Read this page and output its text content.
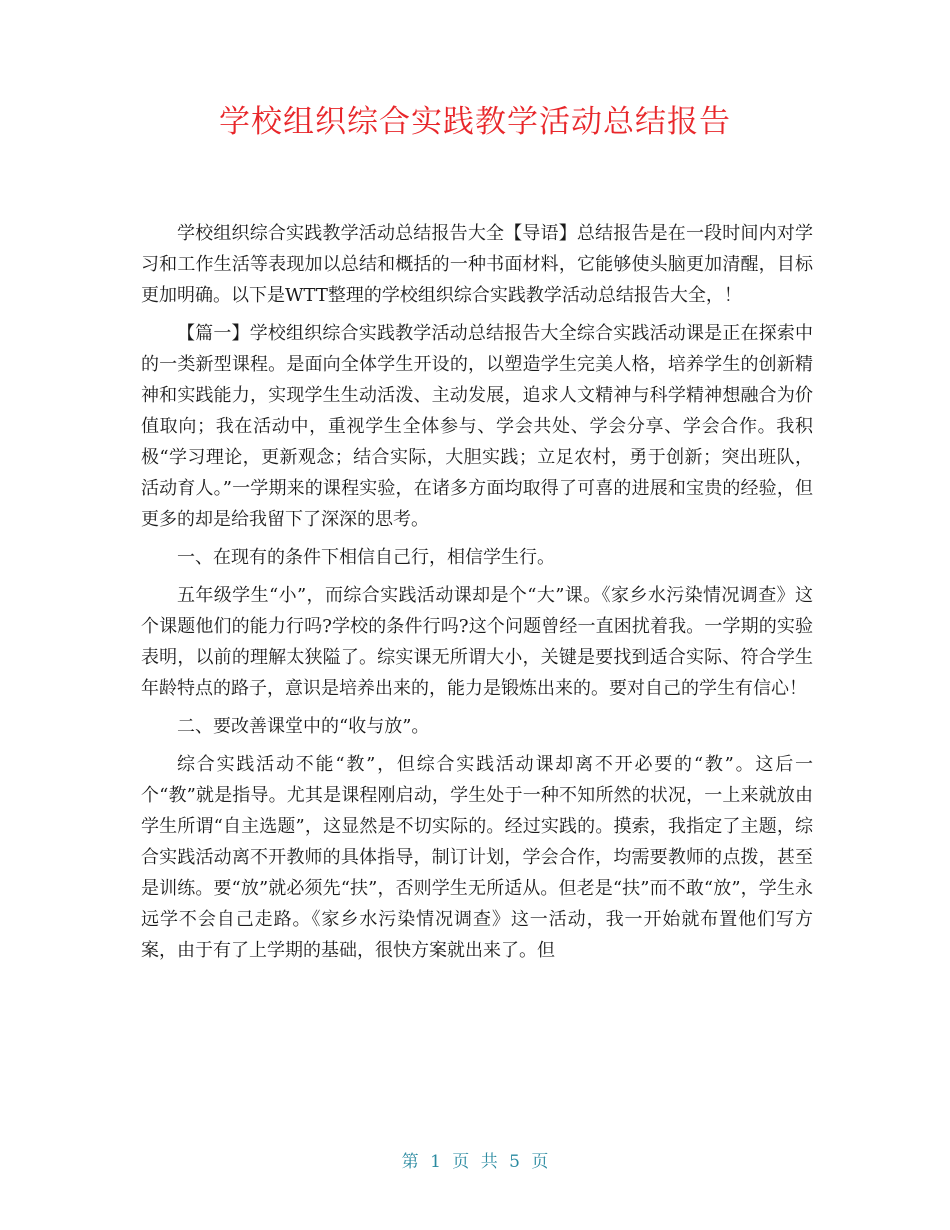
学校组织综合实践教学活动总结报告

学校组织综合实践教学活动总结报告大全【导语】总结报告是在一段时间内对学习和工作生活等表现加以总结和概括的一种书面材料，它能够使头脑更加清醒，目标更加明确。以下是WTT整理的学校组织综合实践教学活动总结报告大全，！

【篇一】学校组织综合实践教学活动总结报告大全综合实践活动课是正在探索中的一类新型课程。是面向全体学生开设的，以塑造学生完美人格，培养学生的创新精神和实践能力，实现学生生动活泼、主动发展，追求人文精神与科学精神想融合为价值取向；我在活动中，重视学生全体参与、学会共处、学会分享、学会合作。我积极“学习理论，更新观念；结合实际，大胆实践；立足农村，勇于创新；突出班队，活动育人。”一学期来的课程实验，在诸多方面均取得了可喜的进展和宝贵的经验，但更多的却是给我留下了深深的思考。

一、在现有的条件下相信自己行，相信学生行。

五年级学生“小”，而综合实践活动课却是个“大”课。《家乡水污染情况调查》这个课题他们的能力行吗?学校的条件行吗?这个问题曾经一直困扰着我。一学期的实验表明，以前的理解太狭隘了。综实课无所谓大小，关键是要找到适合实际、符合学生年龄特点的路子，意识是培养出来的，能力是锻炼出来的。要对自己的学生有信心！

二、要改善课堂中的“收与放”。

综合实践活动不能“教”，但综合实践活动课却离不开必要的“教”。这后一个“教”就是指导。尤其是课程刚启动，学生处于一种不知所然的状况，一上来就放由学生所谓“自主选题”，这显然是不切实际的。经过实践的。摸索，我指定了主题，综合实践活动离不开教师的具体指导，制订计划，学会合作，均需要教师的点拨，甚至是训练。要“放”就必须先“扶”，否则学生无所适从。但老是“扶”而不敢“放”，学生永远学不会自己走路。《家乡水污染情况调查》这一活动，我一开始就布置他们写方案，由于有了上学期的基础，很快方案就出来了。但

第 1 页 共 5 页
